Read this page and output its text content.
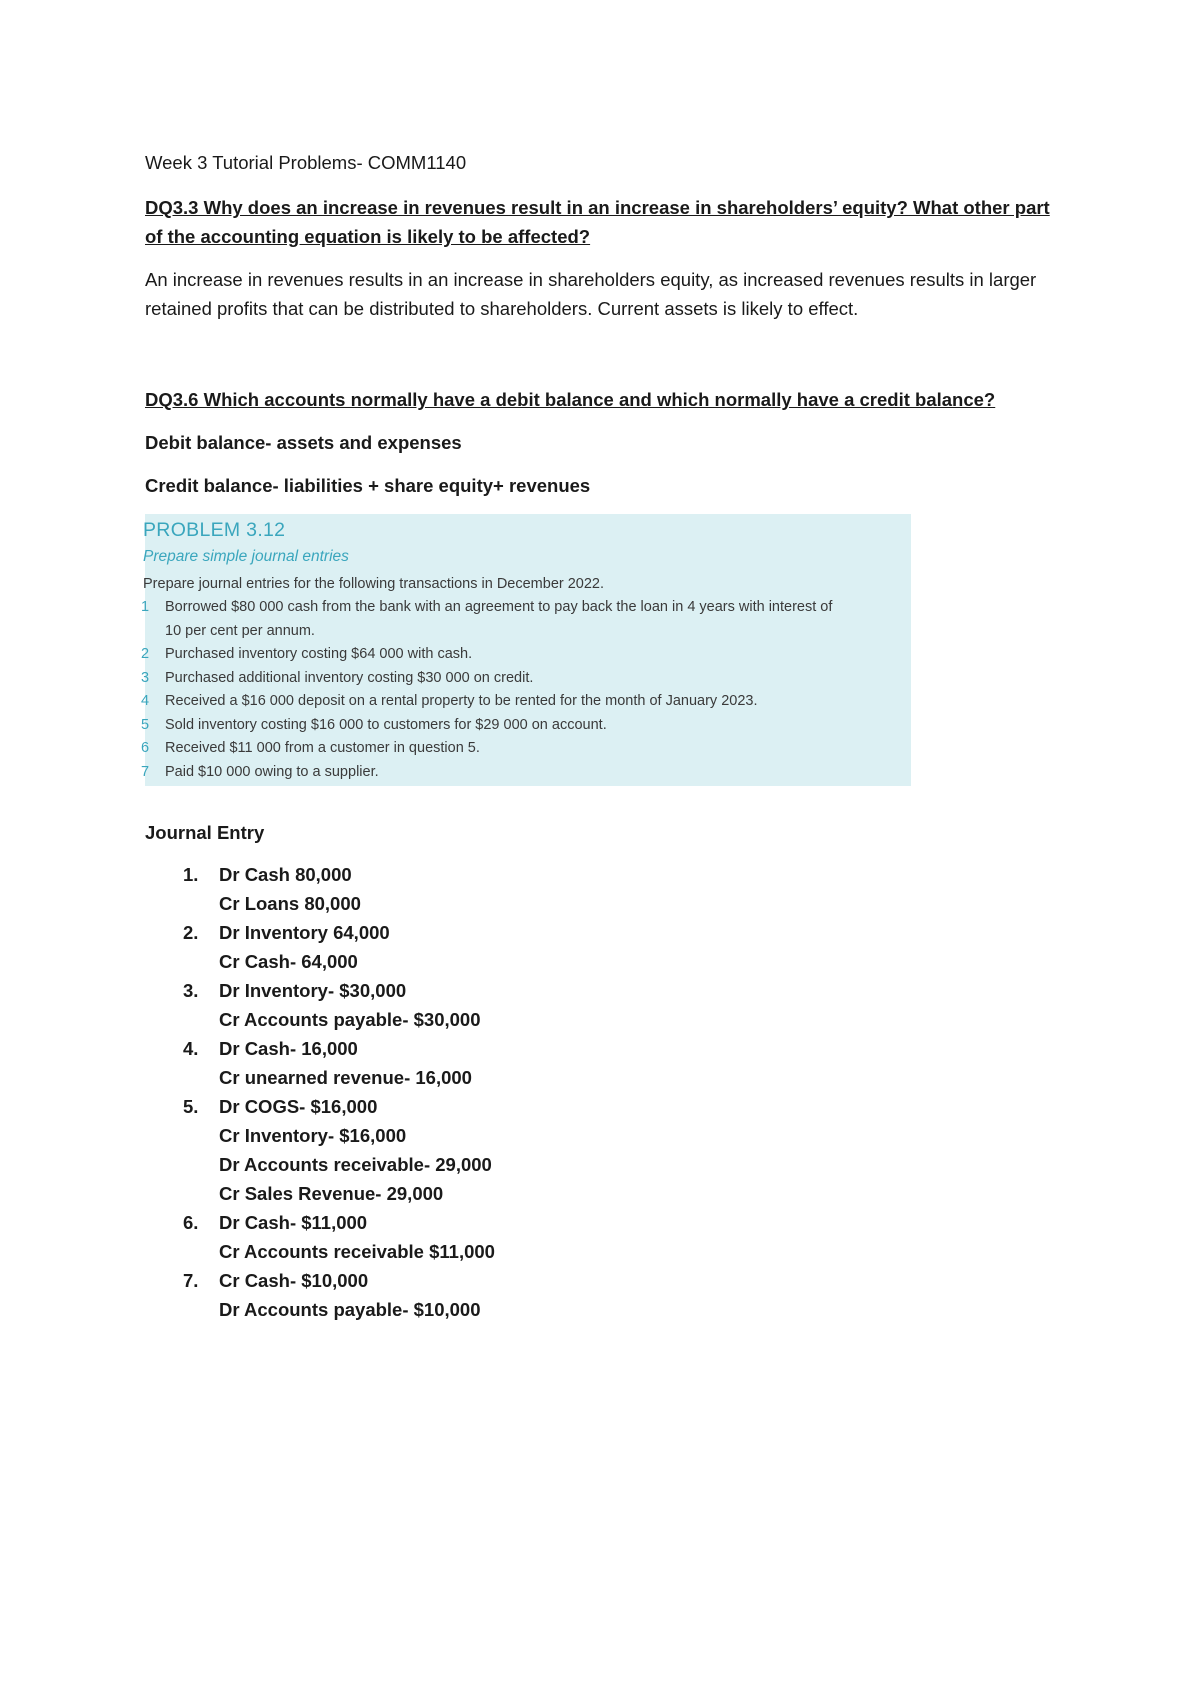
Week 3 Tutorial Problems- COMM1140

DQ3.3 Why does an increase in revenues result in an increase in shareholders’ equity? What other part of the accounting equation is likely to be affected?

An increase in revenues results in an increase in shareholders equity, as increased revenues results in larger retained profits that can be distributed to shareholders. Current assets is likely to effect.

DQ3.6 Which accounts normally have a debit balance and which normally have a credit balance?

Debit balance- assets and expenses

Credit balance- liabilities + share equity+ revenues

PROBLEM 3.12

Prepare simple journal entries

Prepare journal entries for the following transactions in December 2022.

1 Borrowed $80 000 cash from the bank with an agreement to pay back the loan in 4 years with interest of
10 per cent per annum.
2 Purchased inventory costing $64 000 with cash.
3 Purchased additional inventory costing $30 000 on credit.
4 Received a $16 000 deposit on a rental property to be rented for the month of January 2023.
5 Sold inventory costing $16 000 to customers for $29 000 on account.
6 Received $11 000 from a customer in question 5.
7 Paid $10 000 owing to a supplier.

Journal Entry

1. Dr Cash 80,000
Cr Loans 80,000
2. Dr Inventory 64,000
Cr Cash- 64,000
3. Dr Inventory- $30,000
Cr Accounts payable- $30,000
4. Dr Cash- 16,000
Cr unearned revenue- 16,000
5. Dr COGS- $16,000
Cr Inventory- $16,000
Dr Accounts receivable- 29,000
Cr Sales Revenue- 29,000
6. Dr Cash- $11,000
Cr Accounts receivable $11,000
7. Cr Cash- $10,000
Dr Accounts payable- $10,000
